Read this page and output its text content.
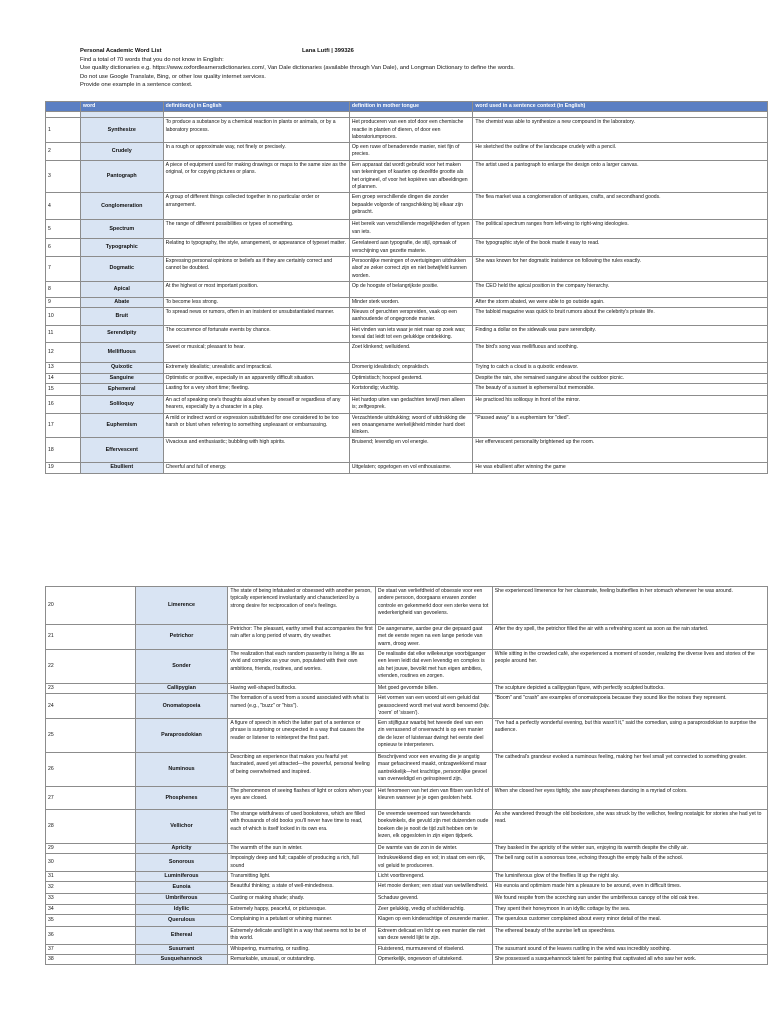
Personal Academic Word List	Lana Lutfi | 399326
Find a total of 70 words that you do not know in English:
Use quality dictionaries e.g. https://www.oxfordlearnersdictionaries.com/, Van Dale dictionaries (available through Van Dale), and Longman Dictionary to define the words.
Do not use Google Translate, Bing, or other low quality internet services.
Provide one example in a sentence context.
	word	definition(s) in English	definition in mother tongue	word used in a sentence context (in English)

1	Synthesize	To produce a substance by a chemical reaction in plants or animals, or by a laboratory process.	Het produceren van een stof door een chemische reactie in planten of dieren, of door een laboratoriumproces.	The chemist was able to synthesize a new compound in the laboratory.
2	Crudely	In a rough or approximate way, not finely or precisely.	Op een ruwe of benaderende manier, niet fijn of precies.	He sketched the outline of the landscape crudely with a pencil.
3	Pantograph	A piece of equipment used for making drawings or maps to the same size as the original, or for copying pictures or plans.	Een apparaat dat wordt gebruikt voor het maken van tekeningen of kaarten op dezelfde grootte als het origineel, of voor het kopiëren van afbeeldingen of plannen.	The artist used a pantograph to enlarge the design onto a larger canvas.
4	Conglomeration	A group of different things collected together in no particular order or arrangement.	Een groep verschillende dingen die zonder bepaalde volgorde of rangschikking bij elkaar zijn gebracht.	The flea market was a conglomeration of antiques, crafts, and secondhand goods.
5	Spectrum	The range of different possibilities or types of something.	Het bereik van verschillende mogelijkheden of typen van iets.	The political spectrum ranges from left-wing to right-wing ideologies.
6	Typographic	Relating to typography, the style, arrangement, or appearance of typeset matter.	Gerelateerd aan typografie, de stijl, opmaak of verschijning van gezette materie.	The typographic style of the book made it easy to read.
7	Dogmatic	Expressing personal opinions or beliefs as if they are certainly correct and cannot be doubted.	Persoonlijke meningen of overtuigingen uitdrukken alsof ze zeker correct zijn en niet betwijfeld kunnen worden.	She was known for her dogmatic insistence on following the rules exactly.
8	Apical	At the highest or most important position.	Op de hoogste of belangrijkste positie.	The CEO held the apical position in the company hierarchy.
9	Abate	To become less strong.	Minder sterk worden.	After the storm abated, we were able to go outside again.
10	Bruit	To spread news or rumors, often in an insistent or unsubstantiated manner.	Nieuws of geruchten verspreiden, vaak op een aanhoudende of ongegronde manier.	The tabloid magazine was quick to bruit rumors about the celebrity's private life.
11	Serendipity	The occurrence of fortunate events by chance.	Het vinden van iets waar je niet naar op zoek was; toeval dat leidt tot een gelukkige ontdekking.	Finding a dollar on the sidewalk was pure serendipity.
12	Mellifluous	Sweet or musical; pleasant to hear.	Zoet klinkend; welluidend.	The bird's song was mellifluous and soothing.
13	Quixotic	Extremely idealistic; unrealistic and impractical.	Dromerig idealistisch; onpraktisch.	Trying to catch a cloud is a quixotic endeavor.
14	Sanguine	Optimistic or positive, especially in an apparently difficult situation.	Optimistisch; hoopvol gestemd.	Despite the rain, she remained sanguine about the outdoor picnic.
15	Ephemeral	Lasting for a very short time; fleeting.	Kortstondig; vluchtig.	The beauty of a sunset is ephemeral but memorable.
16	Soliloquy	An act of speaking one's thoughts aloud when by oneself or regardless of any hearers, especially by a character in a play.	Het hardop uiten van gedachten terwijl men alleen is; zelfgesprek.	He practiced his soliloquy in front of the mirror.
17	Euphemism	A mild or indirect word or expression substituted for one considered to be too harsh or blunt when referring to something unpleasant or embarrassing.	Verzachtende uitdrukking; woord of uitdrukking die een onaangename werkelijkheid minder hard doet klinken.	"Passed away" is a euphemism for "died".
18	Effervescent	Vivacious and enthusiastic; bubbling with high spirits.	Bruisend; levendig en vol energie.	Her effervescent personality brightened up the room.
19	Ebullient	Cheerful and full of energy.	Uitgelaten; opgetogen en vol enthousiasme.	He was ebullient after winning the game
20	Limerence	The state of being infatuated or obsessed with another person, typically experienced involuntarily and characterized by a strong desire for reciprocation of one's feelings.	De staat van verliefdheid of obsessie voor een andere persoon, doorgaans ervaren zonder controle en gekenmerkt door een sterke wens tot wederkerigheid van gevoelens.	She experienced limerence for her classmate, feeling butterflies in her stomach whenever he was around.
21	Petrichor	Petrichor: The pleasant, earthy smell that accompanies the first rain after a long period of warm, dry weather.	De aangename, aardse geur die gepaard gaat met de eerste regen na een lange periode van warm, droog weer.	After the dry spell, the petrichor filled the air with a refreshing scent as soon as the rain started.
22	Sonder	The realization that each random passerby is living a life as vivid and complex as your own, populated with their own ambitions, friends, routines, and worries.	De realisatie dat elke willekeurige voorbijganger een leven leidt dat even levendig en complex is als het jouwe, bevolkt met hun eigen ambities, vrienden, routines en zorgen.	While sitting in the crowded café, she experienced a moment of sonder, realizing the diverse lives and stories of the people around her.
23	Callipygian	Having well-shaped buttocks.	Met goed gevormde billen.	The sculpture depicted a callipygian figure, with perfectly sculpted buttocks.
24	Onomatopoeia	The formation of a word from a sound associated with what is named (e.g., "buzz" or "hiss").	Het vormen van een woord uit een geluid dat geassocieerd wordt met wat wordt benoemd (bijv. 'zoem' of 'sissen').	"Boom" and "crash" are examples of onomatopoeia because they sound like the noises they represent.
25	Paraprosdokian	A figure of speech in which the latter part of a sentence or phrase is surprising or unexpected in a way that causes the reader or listener to reinterpret the first part.	Een stijlfiguur waarbij het tweede deel van een zin verrassend of onverwacht is op een manier die de lezer of luisteraar dwingt het eerste deel opnieuw te interpreteren.	"I've had a perfectly wonderful evening, but this wasn't it," said the comedian, using a paraprosdokian to surprise the audience.
26	Numinous	Describing an experience that makes you fearful yet fascinated, awed yet attracted—the powerful, personal feeling of being overwhelmed and inspired.	Beschrijvend voor een ervaring die je angstig maar gefascineerd maakt, ontzagwekkend maar aantrekkelijk—het krachtige, persoonlijke gevoel van overweldigd en geïnspireerd zijn.	The cathedral's grandeur evoked a numinous feeling, making her feel small yet connected to something greater.
27	Phosphenes	The phenomenon of seeing flashes of light or colors when your eyes are closed.	Het fenomeen van het zien van flitsen van licht of kleuren wanneer je je ogen gesloten hebt.	When she closed her eyes tightly, she saw phosphenes dancing in a myriad of colors.
28	Vellichor	The strange wistfulness of used bookstores, which are filled with thousands of old books you'll never have time to read, each of which is itself locked in its own era.	De vreemde weemoed van tweedehands boekwinkels, die gevuld zijn met duizenden oude boeken die je nooit de tijd zult hebben om te lezen, elk opgesloten in zijn eigen tijdperk.	As she wandered through the old bookstore, she was struck by the vellichor, feeling nostalgic for stories she had yet to read.
29	Apricity	The warmth of the sun in winter.	De warmte van de zon in de winter.	They basked in the apricity of the winter sun, enjoying its warmth despite the chilly air.
30	Sonorous	Imposingly deep and full; capable of producing a rich, full sound	Indrukwekkend diep en vol; in staat om een rijk, vol geluid te produceren.	The bell rang out in a sonorous tone, echoing through the empty halls of the school.
31	Luminiferous	Transmitting light.	Licht voortbrengend.	The luminiferous glow of the fireflies lit up the night sky.
32	Eunoia	Beautiful thinking; a state of well-mindedness.	Het mooie denken; een staat van welwillendheid.	His eunoia and optimism made him a pleasure to be around, even in difficult times.
33	Umbriferous	Casting or making shade; shady.	Schaduw gevend.	We found respite from the scorching sun under the umbriferous canopy of the old oak tree.
34	Idyllic	Extremely happy, peaceful, or picturesque.	Zeer gelukkig, vredig of schilderachtig.	They spent their honeymoon in an idyllic cottage by the sea.
35	Querulous	Complaining in a petulant or whining manner.	Klagen op een kinderachtige of zeurende manier.	The querulous customer complained about every minor detail of the meal.
36	Ethereal	Extremely delicate and light in a way that seems not to be of this world.	Extreem delicaat en licht op een manier die niet van deze wereld lijkt te zijn.	The ethereal beauty of the sunrise left us speechless.
37	Susurrant	Whispering, murmuring, or rustling.	Fluisterend, murmurerend of ritselend.	The susurrant sound of the leaves rustling in the wind was incredibly soothing.
38	Susquehannock	Remarkable, unusual, or outstanding.	Opmerkelijk, ongewoon of uitstekend.	She possessed a susquehannock talent for painting that captivated all who saw her work.
